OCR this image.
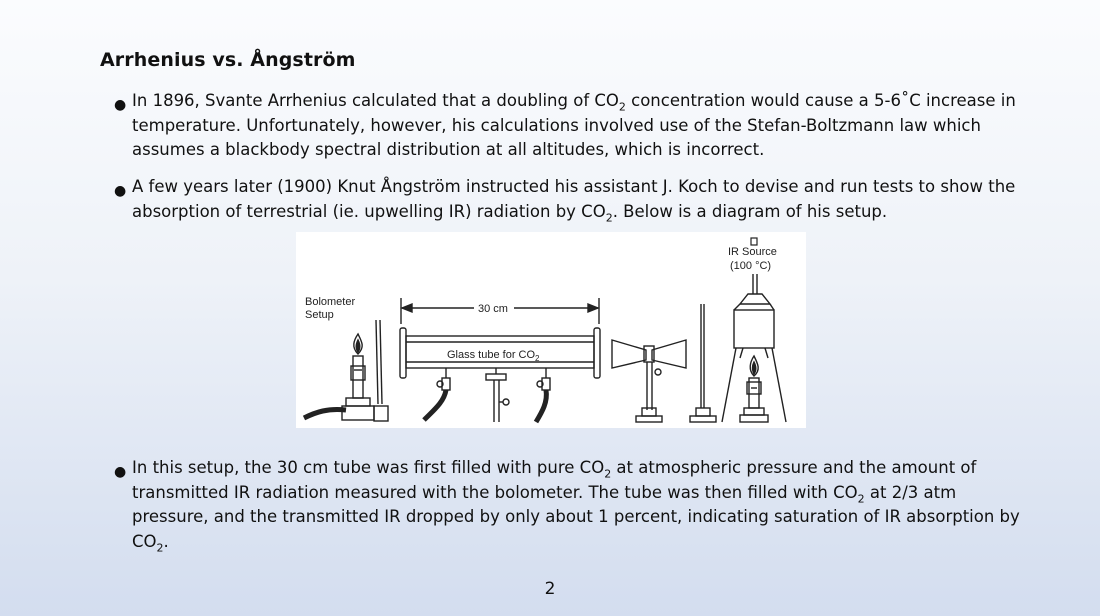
Arrhenius vs. Ångström
● In 1896, Svante Arrhenius calculated that a doubling of $CO_2$ concentration would cause a 5-6˚C increase in temperature. Unfortunately, however, his calculations involved use of the Stefan-Boltzmann law which assumes a blackbody spectral distribution at all altitudes, which is incorrect.
● A few years later (1900) Knut Ångström instructed his assistant J. Koch to devise and run tests to show the absorption of terrestrial (ie. upwelling IR) radiation by $CO_2$. Below is a diagram of his setup.
Bolometer
Setup	30 cm
Glass tube for $CO_2$
IR Source
(100 °C)
● In this setup, the 30 cm tube was first filled with pure $CO_2$ at atmospheric pressure and the amount of transmitted IR radiation measured with the bolometer. The tube was then filled with $CO_2$ at 2/3 atm pressure, and the transmitted IR dropped by only about 1 percent, indicating saturation of IR absorption by $CO_2$.
2
